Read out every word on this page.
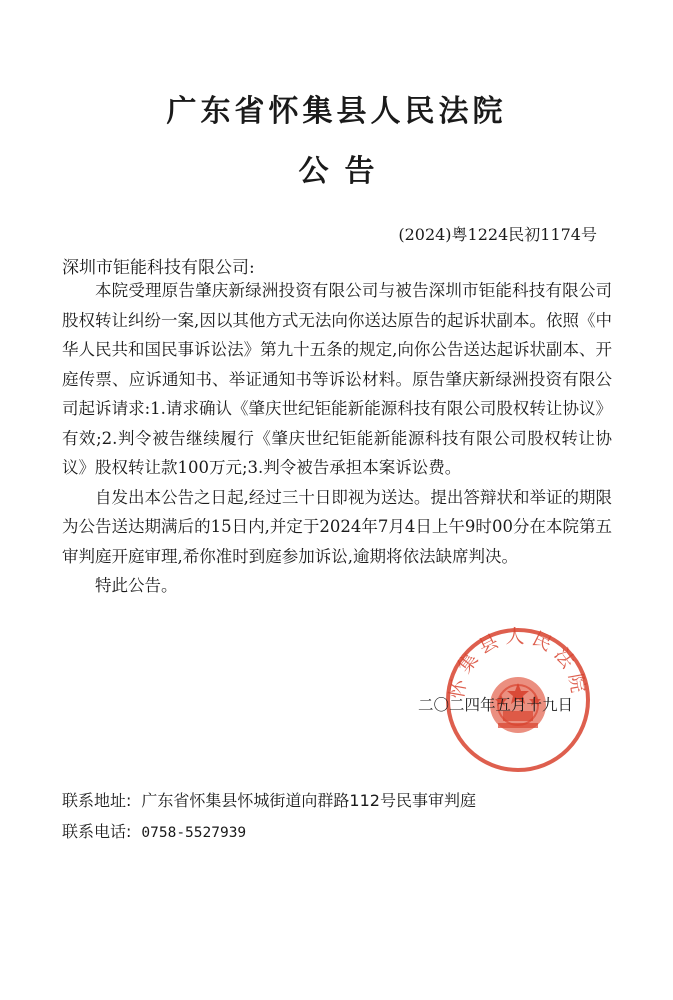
广东省怀集县人民法院
公告
(2024)粤1224民初1174号
深圳市钜能科技有限公司:

本院受理原告肇庆新绿洲投资有限公司与被告深圳市钜能科技有限公司股权转让纠纷一案,因以其他方式无法向你送达原告的起诉状副本。依照《中华人民共和国民事诉讼法》第九十五条的规定,向你公告送达起诉状副本、开庭传票、应诉通知书、举证通知书等诉讼材料。原告肇庆新绿洲投资有限公司起诉请求:1.请求确认《肇庆世纪钜能新能源科技有限公司股权转让协议》有效;2.判令被告继续履行《肇庆世纪钜能新能源科技有限公司股权转让协议》股权转让款100万元;3.判令被告承担本案诉讼费。

自发出本公告之日起,经过三十日即视为送达。提出答辩状和举证的期限为公告送达期满后的15日内,并定于2024年7月4日上午9时00分在本院第五审判庭开庭审理,希你准时到庭参加诉讼,逾期将依法缺席判决。

特此公告。

怀集县人民法院
二〇二四年五月十九日
联系地址: 广东省怀集县怀城街道向群路112号民事审判庭
联系电话: 0758-5527939
